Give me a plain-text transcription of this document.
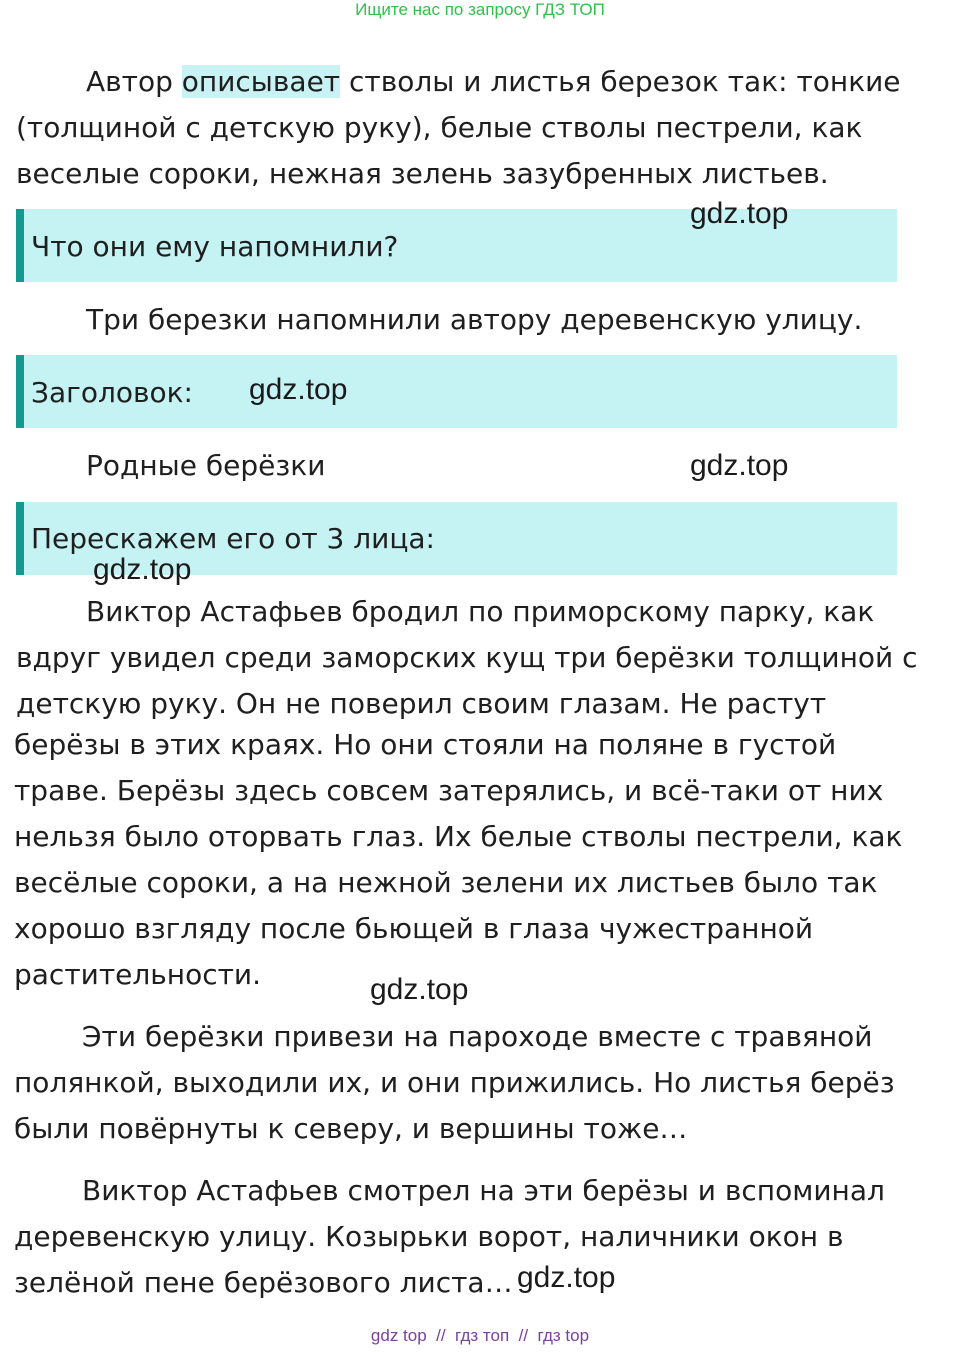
Ищите нас по запросу ГДЗ ТОП
Автор описывает стволы и листья березок так: тонкие
(толщиной с детскую руку), белые стволы пестрели, как
веселые сороки, нежная зелень зазубренных листьев.
Что они ему напомнили?
gdz.top
Три березки напомнили автору деревенскую улицу.
Заголовок: gdz.top
Родные берёзки	gdz.top
Перескажем его от 3 лица:
gdz.top
Виктор Астафьев бродил по приморскому парку, как
вдруг увидел среди заморских кущ три берёзки толщиной с
детскую руку. Он не поверил своим глазам. Не растут
берёзы в этих краях. Но они стояли на поляне в густой
траве. Берёзы здесь совсем затерялись, и всё-таки от них
нельзя было оторвать глаз. Их белые стволы пестрели, как
весёлые сороки, а на нежной зелени их листьев было так
хорошо взгляду после бьющей в глаза чужестранной
растительности.	gdz.top
Эти берёзки привези на пароходе вместе с травяной
полянкой, выходили их, и они прижились. Но листья берёз
были повёрнуты к северу, и вершины тоже…
Виктор Астафьев смотрел на эти берёзы и вспоминал
деревенскую улицу. Козырьки ворот, наличники окон в
зелёной пене берёзового листа… gdz.top
gdz top // гдз топ // гдз top
